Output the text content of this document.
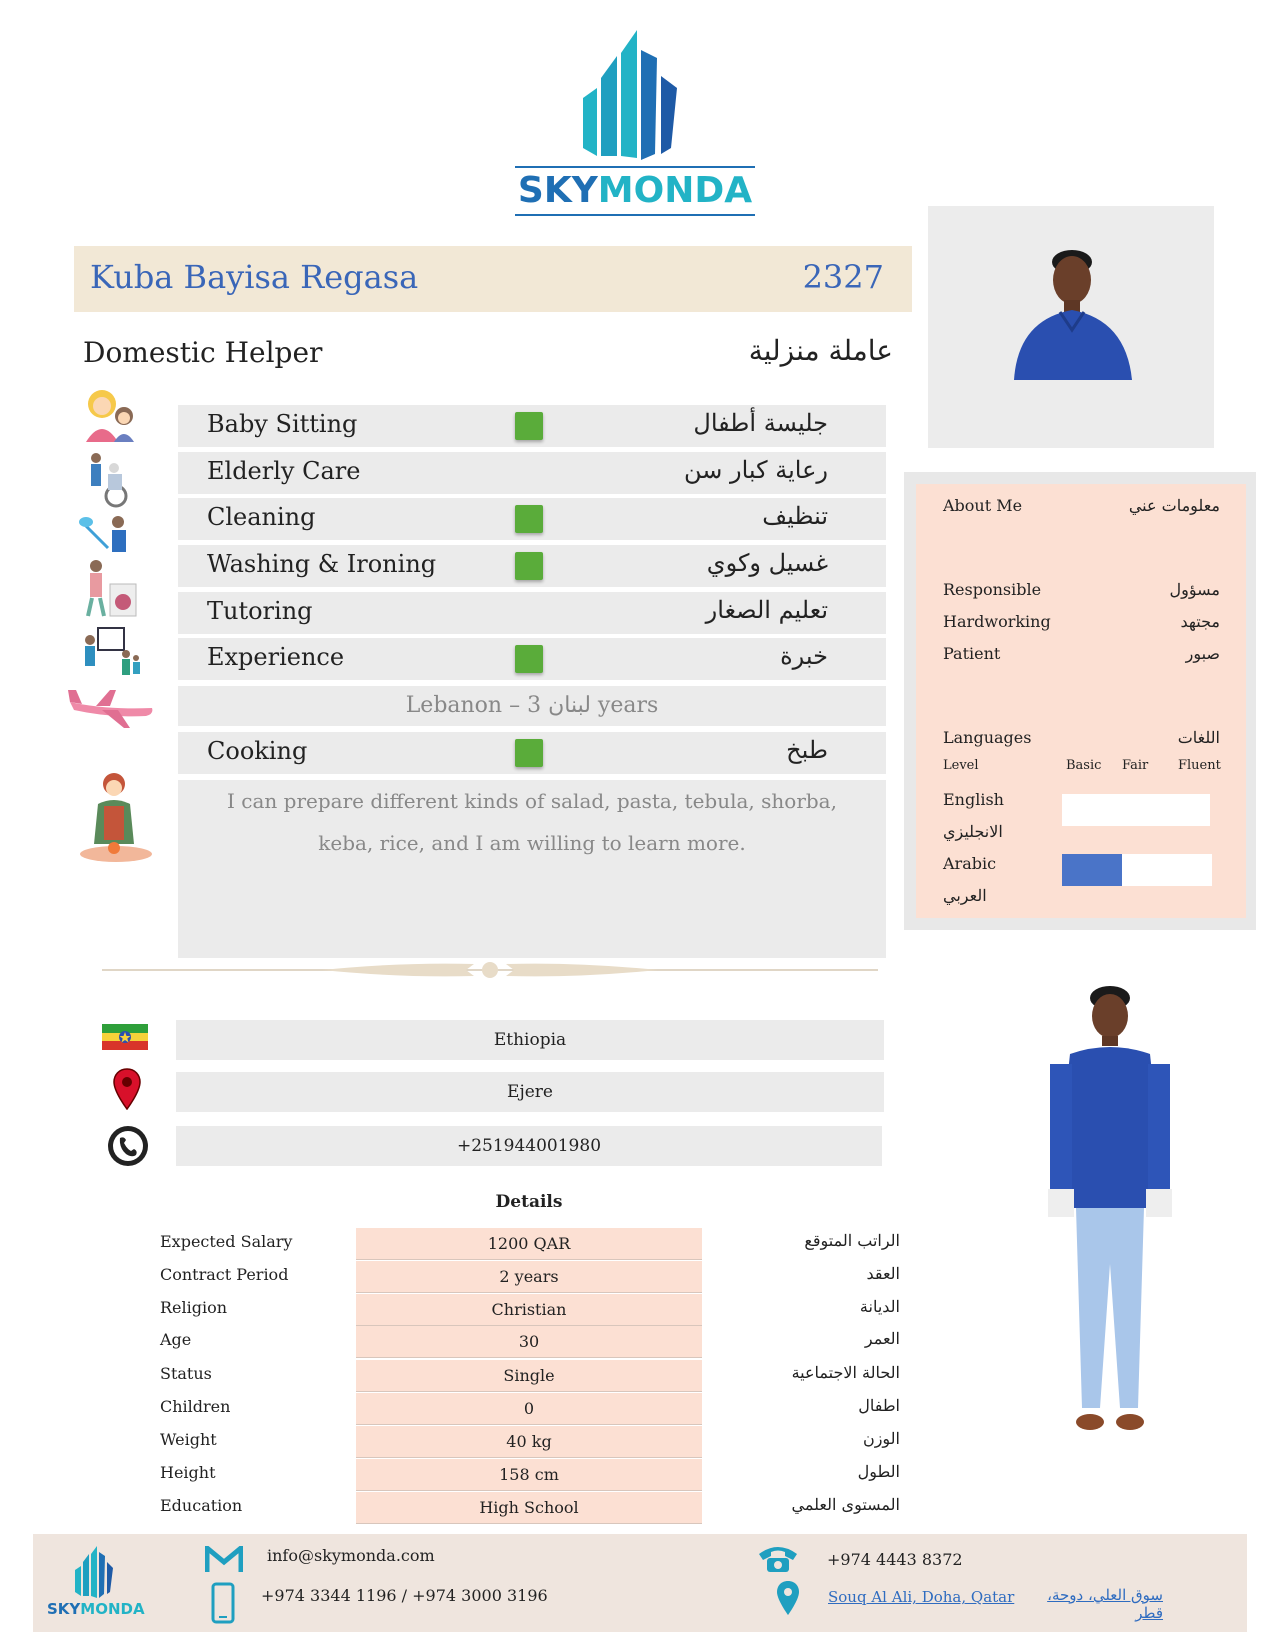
SKYMONDA
Kuba Bayisa Regasa	2327
Domestic Helper	عاملة منزلية
Baby Sitting	جليسة أطفال
Elderly Care	رعاية كبار سن
Cleaning	تنظيف
Washing & Ironing	غسيل وكوي
Tutoring	تعليم الصغار
Experience	خبرة
Lebanon – لبنان 3 years
Cooking	طبخ

I can prepare different kinds of salad, pasta, tebula, shorba, keba, rice, and I am willing to learn more.

Ethiopia
Ejere
+251944001980
Details
Expected Salary	1200 QAR	الراتب المتوقع
Contract Period	2 years	العقد
Religion	Christian	الديانة
Age	30	العمر
Status	Single	الحالة الاجتماعية
Children	0	اطفال
Weight	40 kg	الوزن
Height	158 cm	الطول
Education	High School	المستوى العلمي
About Me	معلومات عني
Responsible	مسؤول
Hardworking	مجتهد
Patient	صبور
Languages	اللغات
Level	Basic Fair Fluent
English
الانجليزي
Arabic
العربي
SKYMONDA
info@skymonda.com
+974 3344 1196 / +974 3000 3196
+974 4443 8372
Souq Al Ali, Doha, Qatar	سوق العلي، دوحة، قطر
